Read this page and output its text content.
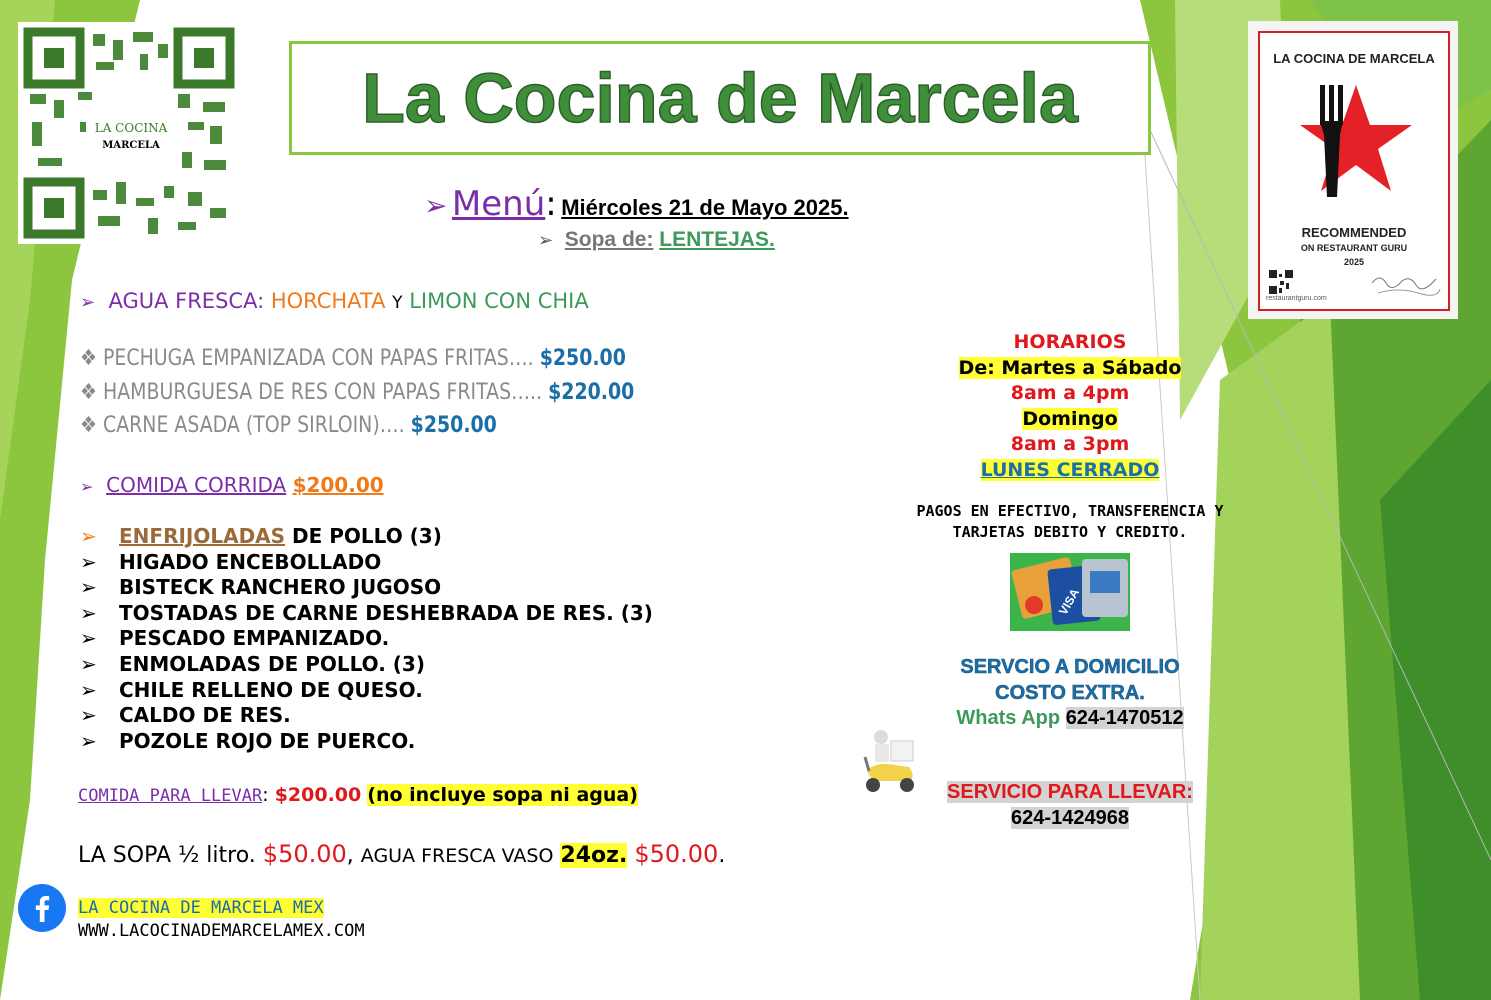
LA COCINA
MARCELA
La Cocina de Marcela
➢ Menú: Miércoles 21 de Mayo 2025.
➢ Sopa de: LENTEJAS.
➢ AGUA FRESCA: HORCHATA Y LIMON CON CHIA
❖ PECHUGA EMPANIZADA CON PAPAS FRITAS…. $250.00
❖ HAMBURGUESA DE RES CON PAPAS FRITAS….. $220.00
❖ CARNE ASADA (TOP SIRLOIN)…. $250.00
➢ COMIDA CORRIDA $200.00
➢ ENFRIJOLADAS DE POLLO (3)
➢ HIGADO ENCEBOLLADO
➢ BISTECK RANCHERO JUGOSO
➢ TOSTADAS DE CARNE DESHEBRADA DE RES. (3)
➢ PESCADO EMPANIZADO.
➢ ENMOLADAS DE POLLO. (3)
➢ CHILE RELLENO DE QUESO.
➢ CALDO DE RES.
➢ POZOLE ROJO DE PUERCO.
COMIDA PARA LLEVAR: $200.00 (no incluye sopa ni agua)
LA SOPA ½ litro. $50.00, AGUA FRESCA VASO 24oz. $50.00.
LA COCINA DE MARCELA MEX
WWW.LACOCINADEMARCELAMEX.COM
HORARIOS
De: Martes a Sábado
8am a 4pm
Domingo
8am a 3pm
LUNES CERRADO
PAGOS EN EFECTIVO, TRANSFERENCIA Y
TARJETAS DEBITO Y CREDITO.
VISA
SERVCIO A DOMICILIO
COSTO EXTRA.
Whats App 624-1470512
SERVICIO PARA LLEVAR:
624-1424968
LA COCINA DE MARCELA
RECOMMENDED
ON RESTAURANT GURU
2025
restaurantguru.com
